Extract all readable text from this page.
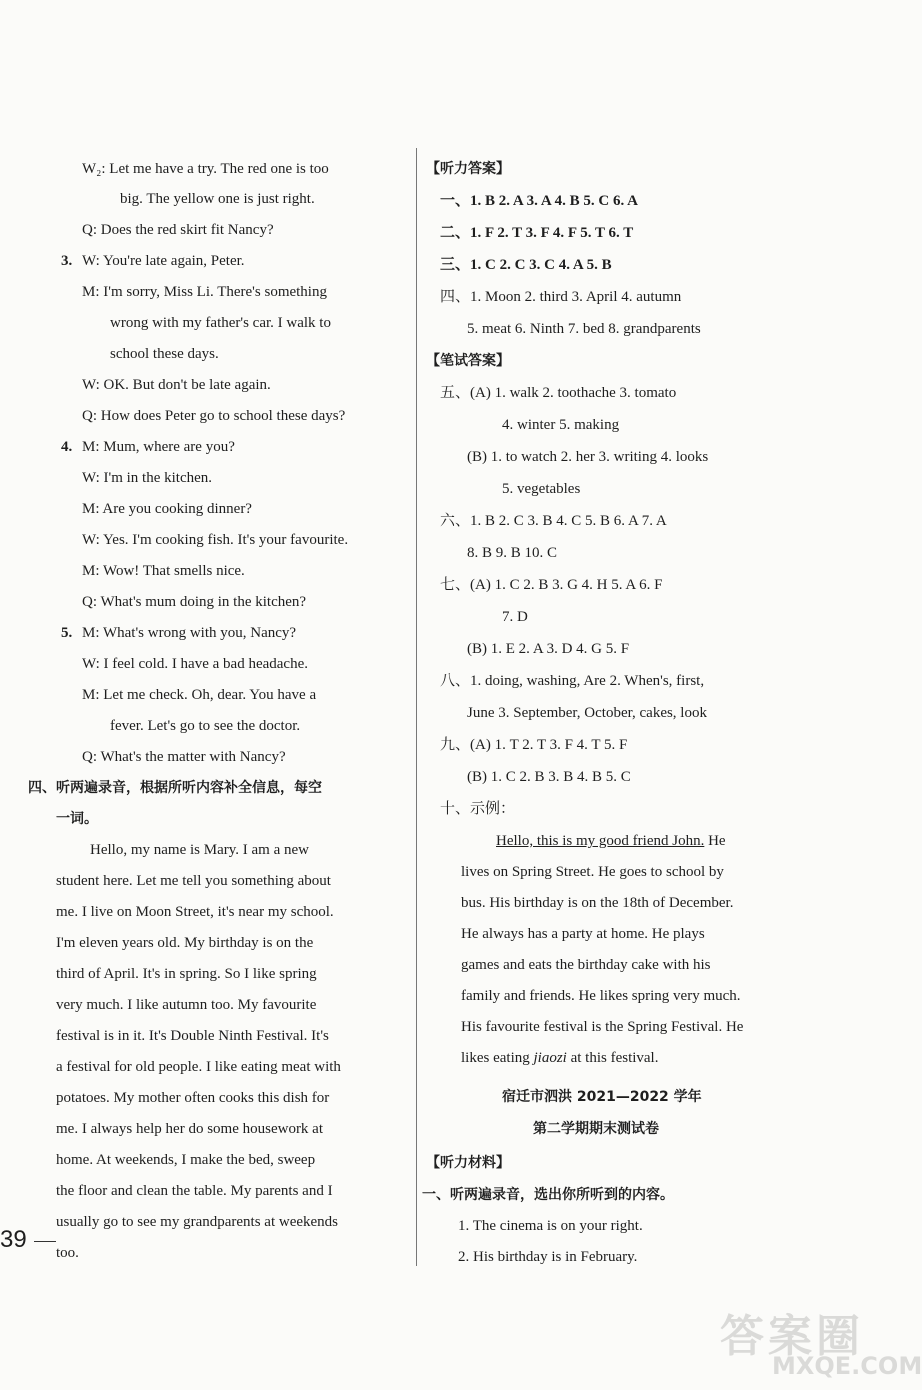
W₂: Let me have a try. The red one is too
big. The yellow one is just right.
Q: Does the red skirt fit Nancy?
3. W: You're late again, Peter.
M: I'm sorry, Miss Li. There's something
wrong with my father's car. I walk to
school these days.
W: OK. But don't be late again.
Q: How does Peter go to school these days?
4. M: Mum, where are you?
W: I'm in the kitchen.
M: Are you cooking dinner?
W: Yes. I'm cooking fish. It's your favourite.
M: Wow! That smells nice.
Q: What's mum doing in the kitchen?
5. M: What's wrong with you, Nancy?
W: I feel cold. I have a bad headache.
M: Let me check. Oh, dear. You have a
fever. Let's go to see the doctor.
Q: What's the matter with Nancy?
四、听两遍录音，根据所听内容补全信息，每空
一词。
Hello, my name is Mary. I am a new
student here. Let me tell you something about
me. I live on Moon Street, it's near my school.
I'm eleven years old. My birthday is on the
third of April. It's in spring. So I like spring
very much. I like autumn too. My favourite
festival is in it. It's Double Ninth Festival. It's
a festival for old people. I like eating meat with
potatoes. My mother often cooks this dish for
me. I always help her do some housework at
home. At weekends, I make the bed, sweep
the floor and clean the table. My parents and I
usually go to see my grandparents at weekends
too.
【听力答案】
一、1. B 2. A 3. A 4. B 5. C 6. A
二、1. F 2. T 3. F 4. F 5. T 6. T
三、1. C 2. C 3. C 4. A 5. B
四、1. Moon 2. third 3. April 4. autumn
5. meat 6. Ninth 7. bed 8. grandparents
【笔试答案】
五、(A) 1. walk 2. toothache 3. tomato
4. winter 5. making
(B) 1. to watch 2. her 3. writing 4. looks
5. vegetables
六、1. B 2. C 3. B 4. C 5. B 6. A 7. A
8. B 9. B 10. C
七、(A) 1. C 2. B 3. G 4. H 5. A 6. F
7. D
(B) 1. E 2. A 3. D 4. G 5. F
八、1. doing, washing, Are 2. When's, first,
June 3. September, October, cakes, look
九、(A) 1. T 2. T 3. F 4. T 5. F
(B) 1. C 2. B 3. B 4. B 5. C
十、示例：
Hello, this is my good friend John. He
lives on Spring Street. He goes to school by
bus. His birthday is on the 18th of December.
He always has a party at home. He plays
games and eats the birthday cake with his
family and friends. He likes spring very much.
His favourite festival is the Spring Festival. He
likes eating jiaozi at this festival.
宿迁市泗洪 2021—2022 学年
第二学期期末测试卷
【听力材料】
一、听两遍录音，选出你所听到的内容。
1. The cinema is on your right.
2. His birthday is in February.
39
答案圈
MXQE.COM
